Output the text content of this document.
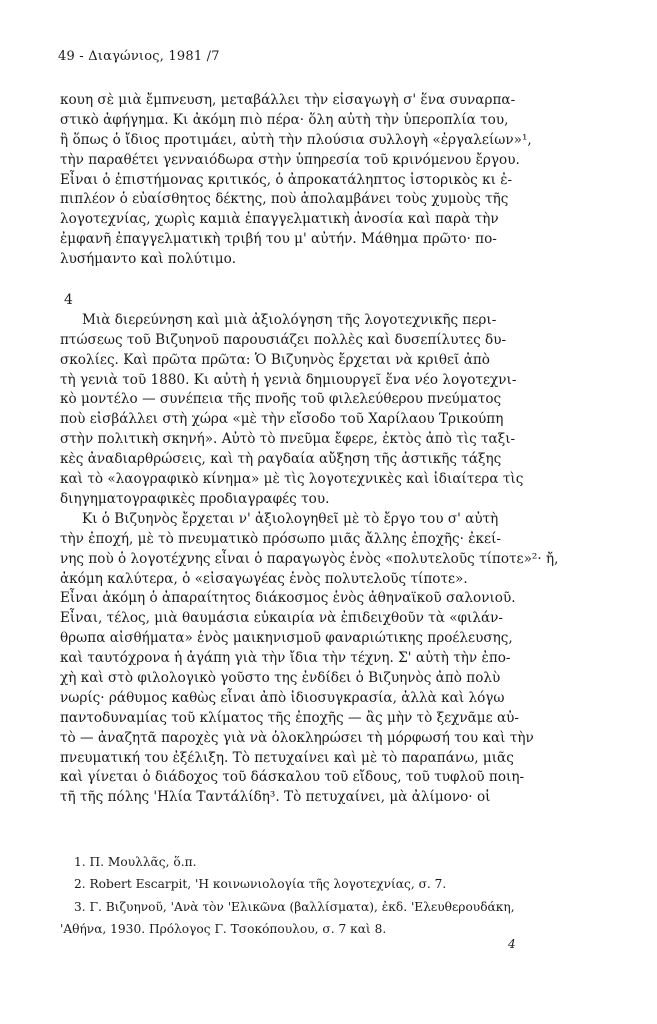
49 - Διαγώνιος, 1981 /7
κουη σὲ μιὰ ἔμπνευση, μεταβάλλει τὴν εἰσαγωγὴ σ' ἕνα συναρπα-
στικὸ ἀφήγημα. Κι ἀκόμη πιὸ πέρα· ὅλη αὐτὴ τὴν ὑπεροπλία του,
ἢ ὅπως ὁ ἴδιος προτιμάει, αὐτὴ τὴν πλούσια συλλογὴ «ἐργαλείων»¹,
τὴν παραθέτει γενναιόδωρα στὴν ὑπηρεσία τοῦ κρινόμενου ἔργου.
Εἶναι ὁ ἐπιστήμονας κριτικός, ὁ ἀπροκατάληπτος ἱστορικὸς κι ἐ-
πιπλέον ὁ εὐαίσθητος δέκτης, ποὺ ἀπολαμβάνει τοὺς χυμοὺς τῆς
λογοτεχνίας, χωρὶς καμιὰ ἐπαγγελματικὴ ἀνοσία καὶ παρὰ τὴν
ἐμφανῆ ἐπαγγελματικὴ τριβή του μ' αὐτήν. Μάθημα πρῶτο· πο-
λυσήμαντο καὶ πολύτιμο.
4
Μιὰ διερεύνηση καὶ μιὰ ἀξιολόγηση τῆς λογοτεχνικῆς περι-
πτώσεως τοῦ Βιζυηνοῦ παρουσιάζει πολλὲς καὶ δυσεπίλυτες δυ-
σκολίες. Καὶ πρῶτα πρῶτα: Ὁ Βιζυηνὸς ἔρχεται νὰ κριθεῖ ἀπὸ
τὴ γενιὰ τοῦ 1880. Κι αὐτὴ ἡ γενιὰ δημιουργεῖ ἕνα νέο λογοτεχνι-
κὸ μοντέλο — συνέπεια τῆς πνοῆς τοῦ φιλελεύθερου πνεύματος
ποὺ εἰσβάλλει στὴ χώρα «μὲ τὴν εἴσοδο τοῦ Χαρίλαου Τρικούπη
στὴν πολιτικὴ σκηνή». Αὐτὸ τὸ πνεῦμα ἔφερε, ἐκτὸς ἀπὸ τὶς ταξι-
κὲς ἀναδιαρθρώσεις, καὶ τὴ ραγδαία αὔξηση τῆς ἀστικῆς τάξης
καὶ τὸ «λαογραφικὸ κίνημα» μὲ τὶς λογοτεχνικὲς καὶ ἰδιαίτερα τὶς
διηγηματογραφικὲς προδιαγραφές του.
Κι ὁ Βιζυηνὸς ἔρχεται ν' ἀξιολογηθεῖ μὲ τὸ ἔργο του σ' αὐτὴ
τὴν ἐποχή, μὲ τὸ πνευματικὸ πρόσωπο μιᾶς ἄλλης ἐποχῆς· ἐκεί-
νης ποὺ ὁ λογοτέχνης εἶναι ὁ παραγωγὸς ἑνὸς «πολυτελοῦς τίποτε»²· ἤ, ἀκόμη καλύτερα, ὁ «εἰσαγωγέας ἑνὸς πολυτελοῦς τίποτε».
Εἶναι ἀκόμη ὁ ἀπαραίτητος διάκοσμος ἑνὸς ἀθηναϊκοῦ σαλονιοῦ.
Εἶναι, τέλος, μιὰ θαυμάσια εὐκαιρία νὰ ἐπιδειχθοῦν τὰ «φιλάν-
θρωπα αἰσθήματα» ἑνὸς μαικηνισμοῦ φαναριώτικης προέλευσης,
καὶ ταυτόχρονα ἡ ἀγάπη γιὰ τὴν ἴδια τὴν τέχνη. Σ' αὐτὴ τὴν ἐπο-
χὴ καὶ στὸ φιλολογικὸ γοῦστο της ἐνδίδει ὁ Βιζυηνὸς ἀπὸ πολὺ
νωρίς· ράθυμος καθὼς εἶναι ἀπὸ ἰδιοσυγκρασία, ἀλλὰ καὶ λόγω
παντοδυναμίας τοῦ κλίματος τῆς ἐποχῆς — ἂς μὴν τὸ ξεχνᾶμε αὐ-
τὸ — ἀναζητᾶ παροχὲς γιὰ νὰ ὁλοκληρώσει τὴ μόρφωσή του καὶ τὴν
πνευματική του ἐξέλιξη. Τὸ πετυχαίνει καὶ μὲ τὸ παραπάνω, μιᾶς
καὶ γίνεται ὁ διάδοχος τοῦ δάσκαλου τοῦ εἴδους, τοῦ τυφλοῦ ποιη-
τῆ τῆς πόλης 'Ηλία Ταντάλίδη³. Τὸ πετυχαίνει, μὰ ἀλίμονο· οἱ
1. Π. Μουλλᾶς, ὅ.π.
2. Robert Escarpit, 'Η κοινωνιολογία τῆς λογοτεχνίας, σ. 7.
3. Γ. Βιζυηνοῦ, 'Ανὰ τὸν 'Ελικῶνα (βαλλίσματα), ἐκδ. 'Ελευθερουδάκη,
'Αθήνα, 1930. Πρόλογος Γ. Τσοκόπουλου, σ. 7 καὶ 8.
4
